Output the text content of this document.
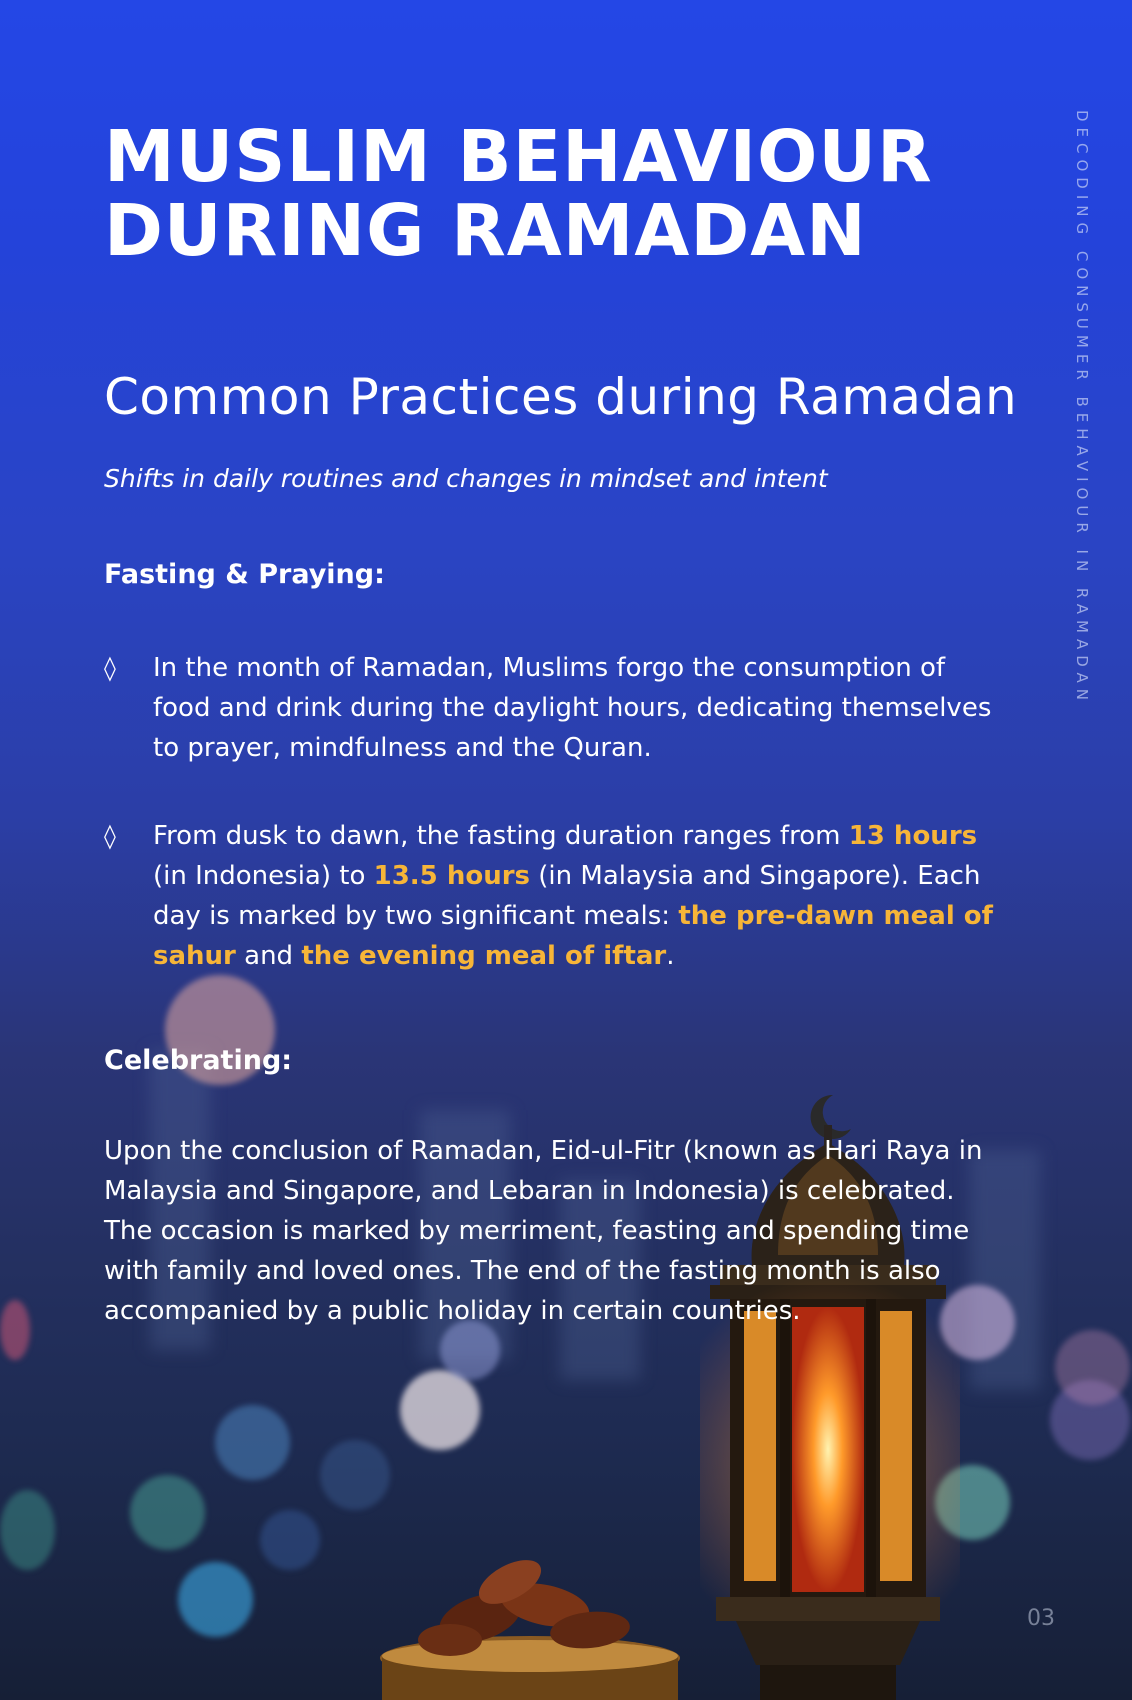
MUSLIM BEHAVIOUR
DURING RAMADAN	DECODING CONSUMER BEHAVIOUR IN RAMADAN
Common Practices during Ramadan
Shifts in daily routines and changes in mindset and intent
Fasting & Praying:
◊ In the month of Ramadan, Muslims forgo the consumption of food and drink during the daylight hours, dedicating themselves to prayer, mindfulness and the Quran.
◊ From dusk to dawn, the fasting duration ranges from 13 hours (in Indonesia) to 13.5 hours (in Malaysia and Singapore). Each day is marked by two significant meals: the pre-dawn meal of sahur and the evening meal of iftar.
Celebrating:
Upon the conclusion of Ramadan, Eid-ul-Fitr (known as Hari Raya in Malaysia and Singapore, and Lebaran in Indonesia) is celebrated. The occasion is marked by merriment, feasting and spending time with family and loved ones. The end of the fasting month is also accompanied by a public holiday in certain countries.
03
